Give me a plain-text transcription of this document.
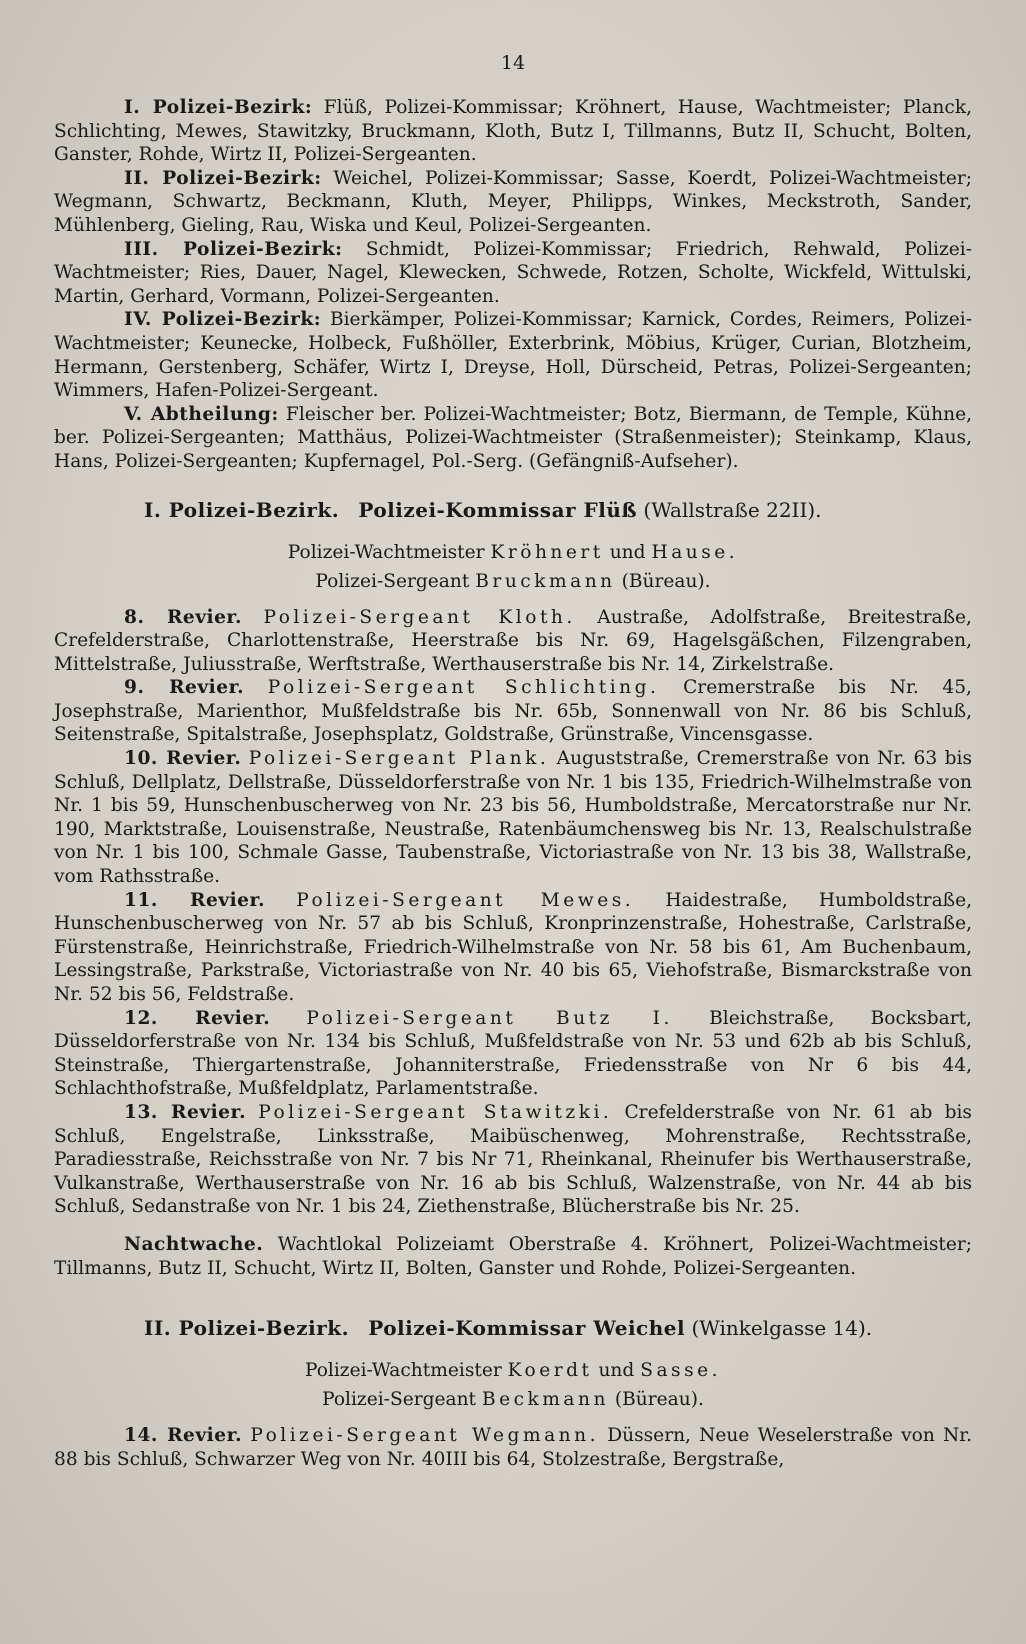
14

I. Polizei-Bezirk: Flüß, Polizei-Kommissar; Kröhnert, Hause, Wachtmeister; Planck, Schlichting, Mewes, Stawitzky, Bruckmann, Kloth, Butz I, Tillmanns, Butz II, Schucht, Bolten, Ganster, Rohde, Wirtz II, Polizei-Sergeanten.

II. Polizei-Bezirk: Weichel, Polizei-Kommissar; Sasse, Koerdt, Polizei-Wachtmeister; Wegmann, Schwartz, Beckmann, Kluth, Meyer, Philipps, Winkes, Meckstroth, Sander, Mühlenberg, Gieling, Rau, Wiska und Keul, Polizei-Sergeanten.

III. Polizei-Bezirk: Schmidt, Polizei-Kommissar; Friedrich, Rehwald, Polizei-Wachtmeister; Ries, Dauer, Nagel, Klewecken, Schwede, Rotzen, Scholte, Wickfeld, Wittulski, Martin, Gerhard, Vormann, Polizei-Sergeanten.

IV. Polizei-Bezirk: Bierkämper, Polizei-Kommissar; Karnick, Cordes, Reimers, Polizei-Wachtmeister; Keunecke, Holbeck, Fußhöller, Exterbrink, Möbius, Krüger, Curian, Blotzheim, Hermann, Gerstenberg, Schäfer, Wirtz I, Dreyse, Holl, Dürscheid, Petras, Polizei-Sergeanten; Wimmers, Hafen-Polizei-Sergeant.

V. Abtheilung: Fleischer ber. Polizei-Wachtmeister; Botz, Biermann, de Temple, Kühne, ber. Polizei-Sergeanten; Matthäus, Polizei-Wachtmeister (Straßenmeister); Steinkamp, Klaus, Hans, Polizei-Sergeanten; Kupfernagel, Pol.-Serg. (Gefängniß-Aufseher).

I. Polizei-Bezirk. Polizei-Kommissar Flüß (Wallstraße 22II).
Polizei-Wachtmeister Kröhnert und Hause.
Polizei-Sergeant Bruckmann (Büreau).

8. Revier. Polizei-Sergeant Kloth. Austraße, Adolfstraße, Breitestraße, Crefelderstraße, Charlottenstraße, Heerstraße bis Nr. 69, Hagelsgäßchen, Filzengraben, Mittelstraße, Juliusstraße, Werftstraße, Werthauserstraße bis Nr. 14, Zirkelstraße.

9. Revier. Polizei-Sergeant Schlichting. Cremerstraße bis Nr. 45, Josephstraße, Marienthor, Mußfeldstraße bis Nr. 65b, Sonnenwall von Nr. 86 bis Schluß, Seitenstraße, Spitalstraße, Josephsplatz, Goldstraße, Grünstraße, Vincensgasse.

10. Revier. Polizei-Sergeant Plank. Auguststraße, Cremerstraße von Nr. 63 bis Schluß, Dellplatz, Dellstraße, Düsseldorferstraße von Nr. 1 bis 135, Friedrich-Wilhelmstraße von Nr. 1 bis 59, Hunschenbuscherweg von Nr. 23 bis 56, Humboldstraße, Mercatorstraße nur Nr. 190, Marktstraße, Louisenstraße, Neustraße, Ratenbäumchensweg bis Nr. 13, Realschulstraße von Nr. 1 bis 100, Schmale Gasse, Taubenstraße, Victoriastraße von Nr. 13 bis 38, Wallstraße, vom Rathsstraße.

11. Revier. Polizei-Sergeant Mewes. Haidestraße, Humboldstraße, Hunschenbuscherweg von Nr. 57 ab bis Schluß, Kronprinzenstraße, Hohestraße, Carlstraße, Fürstenstraße, Heinrichstraße, Friedrich-Wilhelmstraße von Nr. 58 bis 61, Am Buchenbaum, Lessingstraße, Parkstraße, Victoriastraße von Nr. 40 bis 65, Viehofstraße, Bismarckstraße von Nr. 52 bis 56, Feldstraße.

12. Revier. Polizei-Sergeant Butz I. Bleichstraße, Bocksbart, Düsseldorferstraße von Nr. 134 bis Schluß, Mußfeldstraße von Nr. 53 und 62b ab bis Schluß, Steinstraße, Thiergartenstraße, Johanniterstraße, Friedensstraße von Nr 6 bis 44, Schlachthofstraße, Mußfeldplatz, Parlamentstraße.

13. Revier. Polizei-Sergeant Stawitzki. Crefelderstraße von Nr. 61 ab bis Schluß, Engelstraße, Linksstraße, Maibüschenweg, Mohrenstraße, Rechtsstraße, Paradiesstraße, Reichsstraße von Nr. 7 bis Nr 71, Rheinkanal, Rheinufer bis Werthauserstraße, Vulkanstraße, Werthauserstraße von Nr. 16 ab bis Schluß, Walzenstraße, von Nr. 44 ab bis Schluß, Sedanstraße von Nr. 1 bis 24, Ziethenstraße, Blücherstraße bis Nr. 25.

Nachtwache. Wachtlokal Polizeiamt Oberstraße 4. Kröhnert, Polizei-Wachtmeister; Tillmanns, Butz II, Schucht, Wirtz II, Bolten, Ganster und Rohde, Polizei-Sergeanten.

II. Polizei-Bezirk. Polizei-Kommissar Weichel (Winkelgasse 14).
Polizei-Wachtmeister Koerdt und Sasse.
Polizei-Sergeant Beckmann (Büreau).

14. Revier. Polizei-Sergeant Wegmann. Düssern, Neue Weselerstraße von Nr. 88 bis Schluß, Schwarzer Weg von Nr. 40III bis 64, Stolzestraße, Bergstraße,
